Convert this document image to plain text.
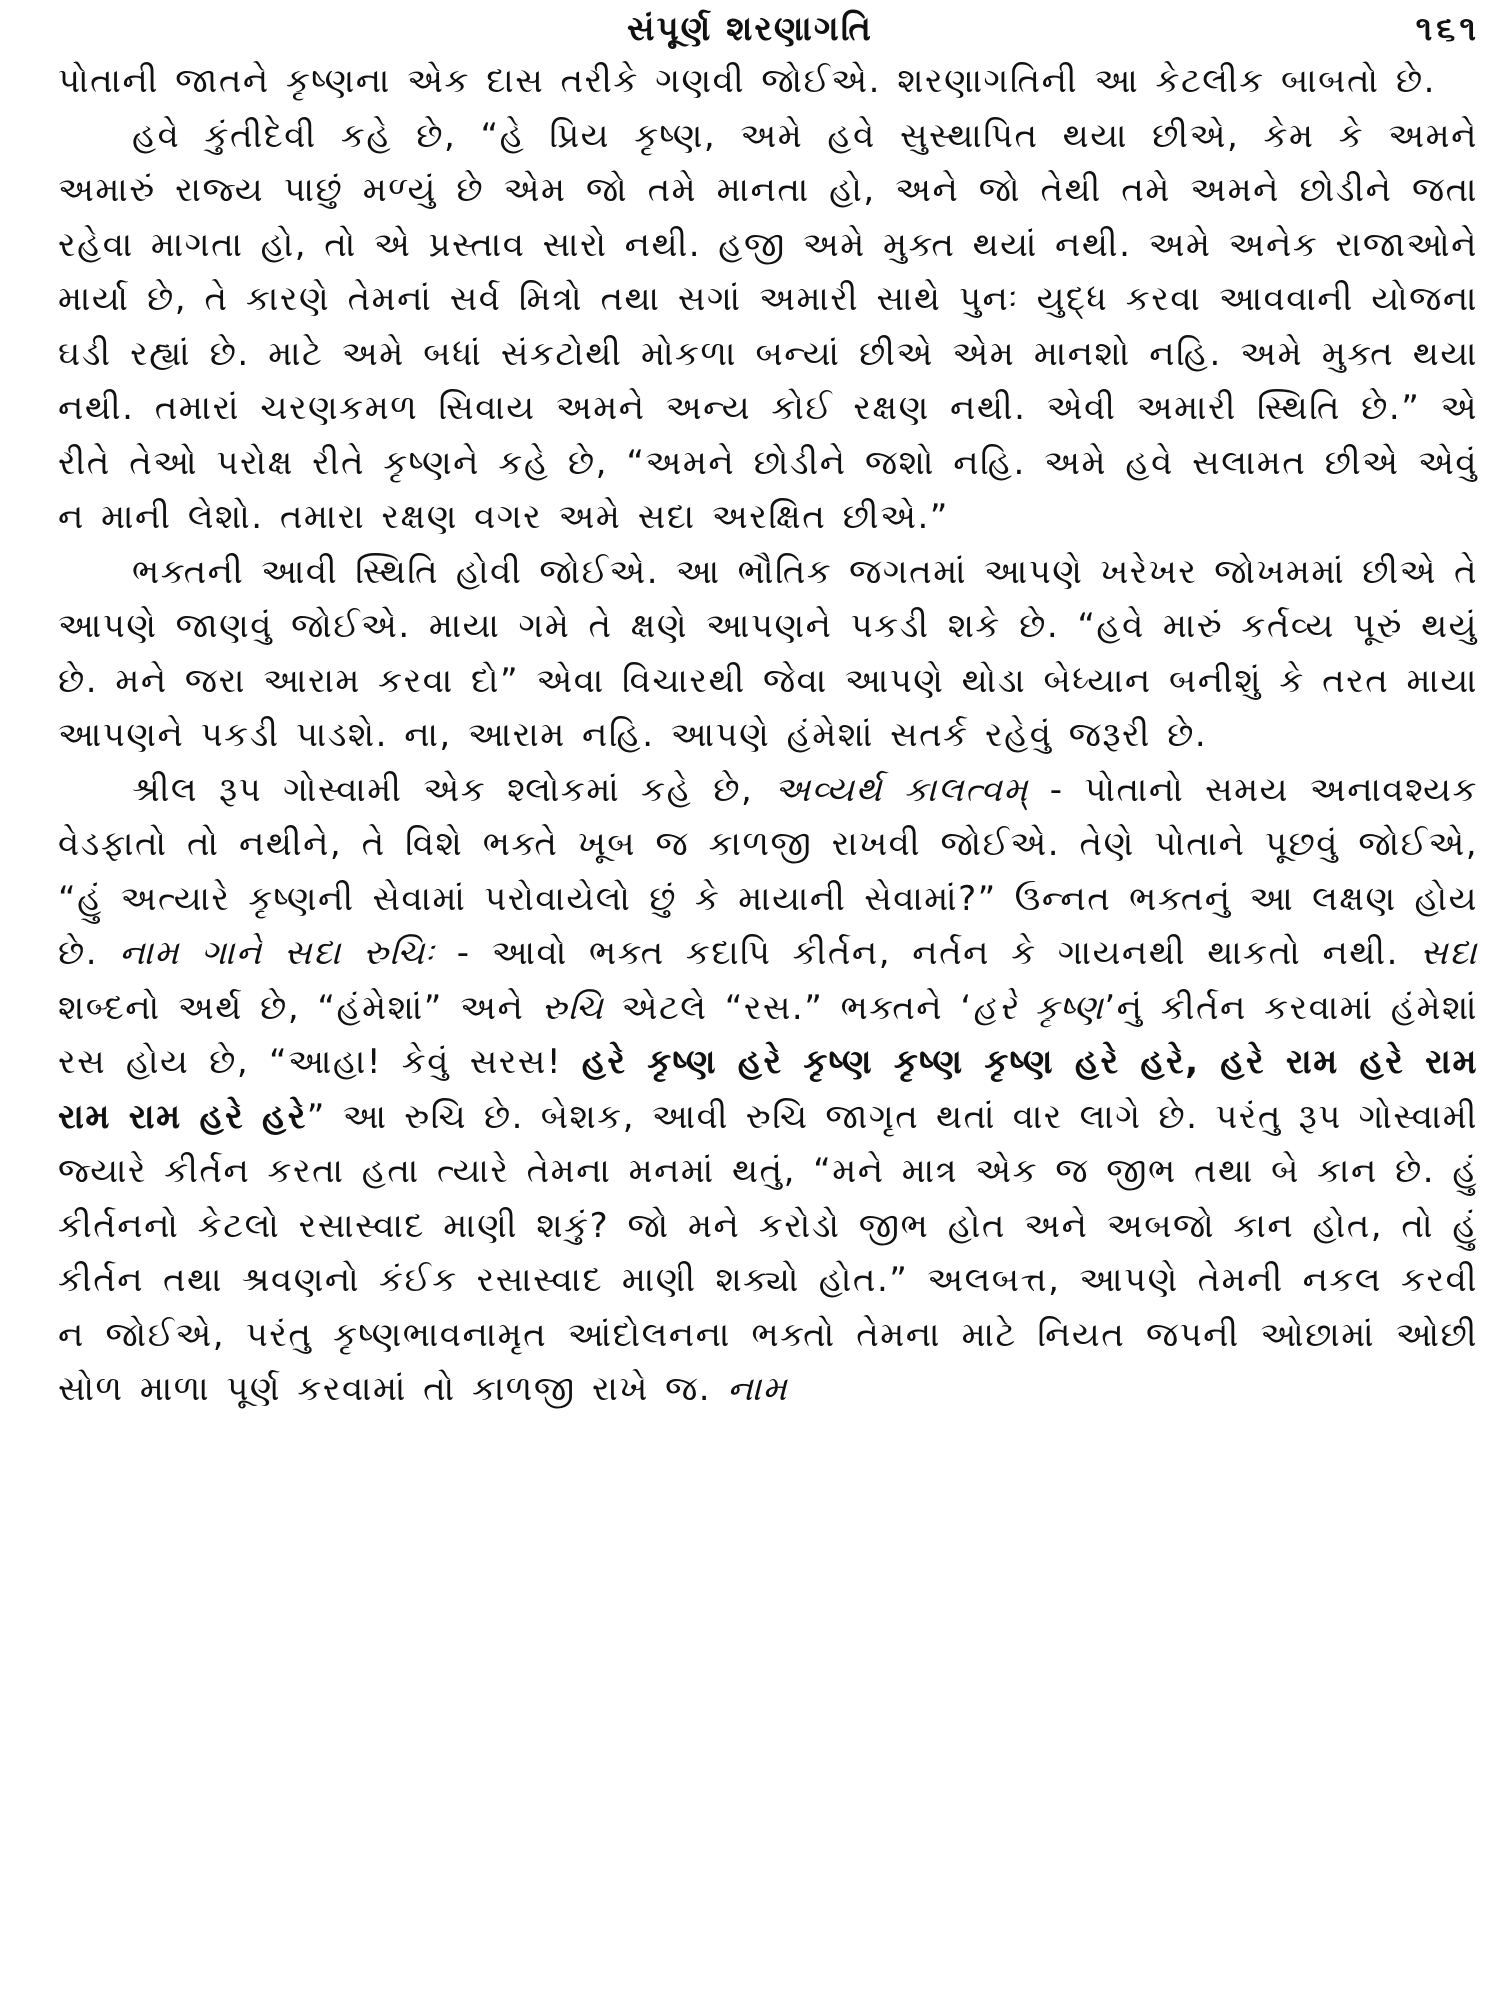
સંપૂર્ણ શરણાગતિ	૧૬૧

પોતાની જાતને કૃષ્ણના એક દાસ તરીકે ગણવી જોઈએ. શરણાગતિની આ કેટલીક બાબતો છે.

હવે કુંતીદેવી કહે છે, “હે પ્રિય કૃષ્ણ, અમે હવે સુસ્થાપિત થયા છીએ, કેમ કે અમને અમારું રાજ્ય પાછું મળ્યું છે એમ જો તમે માનતા હો, અને જો તેથી તમે અમને છોડીને જતા રહેવા માગતા હો, તો એ પ્રસ્તાવ સારો નથી. હજી અમે મુક્ત થયાં નથી. અમે અનેક રાજાઓને માર્યા છે, તે કારણે તેમનાં સર્વ મિત્રો તથા સગાં અમારી સાથે પુનઃ યુદ્ધ કરવા આવવાની યોજના ઘડી રહ્યાં છે. માટે અમે બધાં સંકટોથી મોકળા બન્યાં છીએ એમ માનશો નહિ. અમે મુક્ત થયા નથી. તમારાં ચરણકમળ સિવાય અમને અન્ય કોઈ રક્ષણ નથી. એવી અમારી સ્થિતિ છે.” એ રીતે તેઓ પરોક્ષ રીતે કૃષ્ણને કહે છે, “અમને છોડીને જશો નહિ. અમે હવે સલામત છીએ એવું ન માની લેશો. તમારા રક્ષણ વગર અમે સદા અરક્ષિત છીએ.”

ભક્તની આવી સ્થિતિ હોવી જોઈએ. આ ભૌતિક જગતમાં આપણે ખરેખર જોખમમાં છીએ તે આપણે જાણવું જોઈએ. માયા ગમે તે ક્ષણે આપણને પકડી શકે છે. “હવે મારું કર્તવ્ય પૂરું થયું છે. મને જરા આરામ કરવા દો” એવા વિચારથી જેવા આપણે થોડા બેધ્યાન બનીશું કે તરત માયા આપણને પકડી પાડશે. ના, આરામ નહિ. આપણે હંમેશાં સતર્ક રહેવું જરૂરી છે.

શ્રીલ રૂપ ગોસ્વામી એક શ્લોકમાં કહે છે, અવ્યર્થ કાલત્વમ્ - પોતાનો સમય અનાવશ્યક વેડફાતો તો નથીને, તે વિશે ભક્તે ખૂબ જ કાળજી રાખવી જોઈએ. તેણે પોતાને પૂછવું જોઈએ, “હું અત્યારે કૃષ્ણની સેવામાં પરોવાયેલો છું કે માયાની સેવામાં?” ઉન્નત ભક્તનું આ લક્ષણ હોય છે. નામ ગાને સદા રુચિઃ - આવો ભક્ત કદાપિ કીર્તન, નર્તન કે ગાયનથી થાકતો નથી. સદા શબ્દનો અર્થ છે, “હંમેશાં” અને રુચિ એટલે “રસ.” ભક્તને ‘હરે કૃષ્ણ’નું કીર્તન કરવામાં હંમેશાં રસ હોય છે, “આહા! કેવું સરસ! હરે કૃષ્ણ હરે કૃષ્ણ કૃષ્ણ કૃષ્ણ હરે હરે, હરે રામ હરે રામ રામ રામ હરે હરે” આ રુચિ છે. બેશક, આવી રુચિ જાગૃત થતાં વાર લાગે છે. પરંતુ રૂપ ગોસ્વામી જ્યારે કીર્તન કરતા હતા ત્યારે તેમના મનમાં થતું, “મને માત્ર એક જ જીભ તથા બે કાન છે. હું કીર્તનનો કેટલો રસાસ્વાદ માણી શકું? જો મને કરોડો જીભ હોત અને અબજો કાન હોત, તો હું કીર્તન તથા શ્રવણનો કંઈક રસાસ્વાદ માણી શક્યો હોત.” અલબત્ત, આપણે તેમની નકલ કરવી ન જોઈએ, પરંતુ કૃષ્ણભાવનામૃત આંદોલનના ભક્તો તેમના માટે નિયત જપની ઓછામાં ઓછી સોળ માળા પૂર્ણ કરવામાં તો કાળજી રાખે જ. નામ
